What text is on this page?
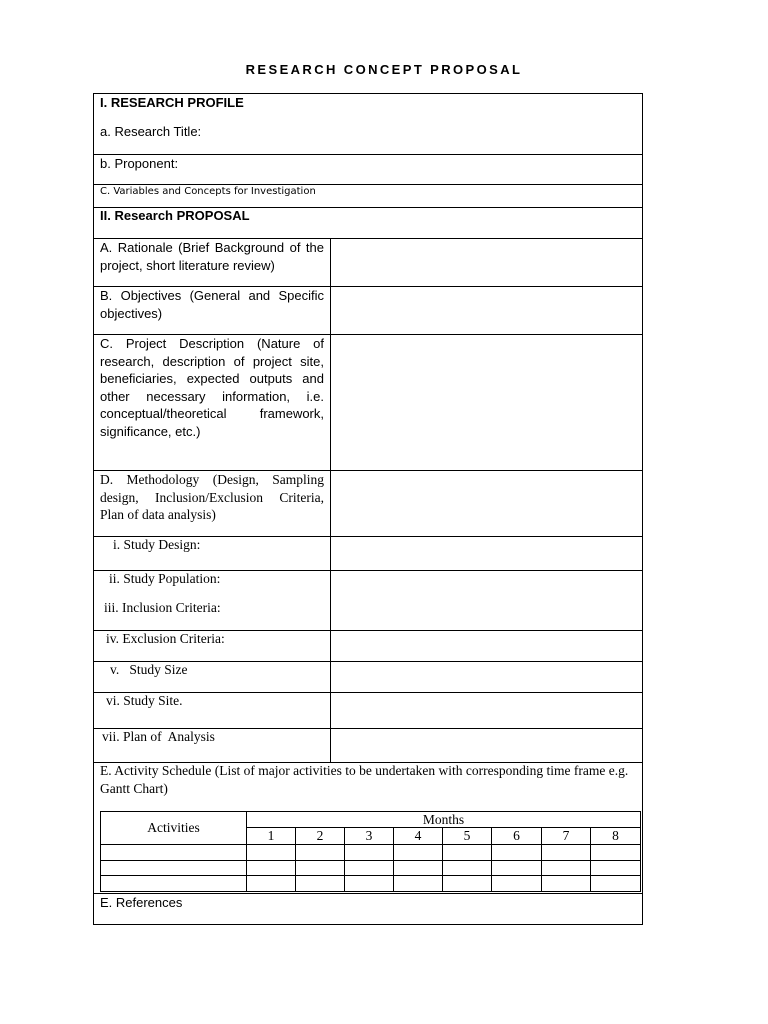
RESEARCH CONCEPT PROPOSAL
I. RESEARCH PROFILE
a. Research Title:
b. Proponent:
C. Variables and Concepts for Investigation
II. Research PROPOSAL
A. Rationale (Brief Background of the project, short literature review)
B. Objectives (General and Specific objectives)
C. Project Description (Nature of research, description of project site, beneficiaries, expected outputs and other necessary information, i.e. conceptual/theoretical framework, significance, etc.)
D. Methodology (Design, Sampling design, Inclusion/Exclusion Criteria, Plan of data analysis)
i. Study Design:
ii. Study Population:
iii. Inclusion Criteria:
iv. Exclusion Criteria:
v.   Study Size
vi. Study Site.
vii. Plan of  Analysis
E. Activity Schedule (List of major activities to be undertaken with corresponding time frame e.g. Gantt Chart)
Activities	Months							
	1	2	3	4	5	6	7	8

E. References
